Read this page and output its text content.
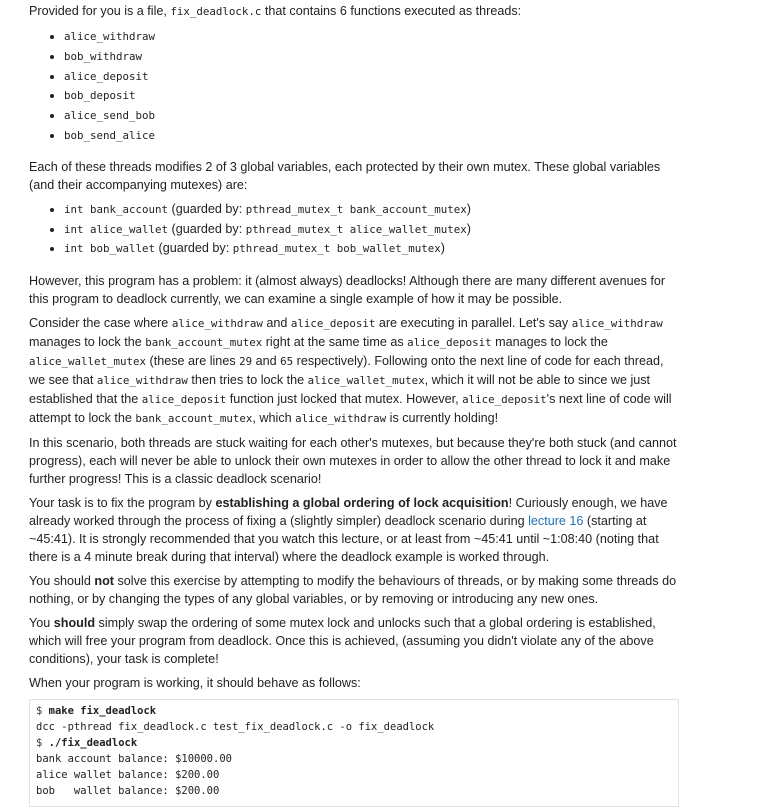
Provided for you is a file, fix_deadlock.c that contains 6 functions executed as threads:

• alice_withdraw
• bob_withdraw
• alice_deposit
• bob_deposit
• alice_send_bob
• bob_send_alice

Each of these threads modifies 2 of 3 global variables, each protected by their own mutex. These global variables (and their accompanying mutexes) are:

• int bank_account (guarded by: pthread_mutex_t bank_account_mutex)
• int alice_wallet (guarded by: pthread_mutex_t alice_wallet_mutex)
• int bob_wallet (guarded by: pthread_mutex_t bob_wallet_mutex)

However, this program has a problem: it (almost always) deadlocks! Although there are many different avenues for this program to deadlock currently, we can examine a single example of how it may be possible.

Consider the case where alice_withdraw and alice_deposit are executing in parallel. Let's say alice_withdraw manages to lock the bank_account_mutex right at the same time as alice_deposit manages to lock the alice_wallet_mutex (these are lines 29 and 65 respectively). Following onto the next line of code for each thread, we see that alice_withdraw then tries to lock the alice_wallet_mutex, which it will not be able to since we just established that the alice_deposit function just locked that mutex. However, alice_deposit's next line of code will attempt to lock the bank_account_mutex, which alice_withdraw is currently holding!

In this scenario, both threads are stuck waiting for each other's mutexes, but because they're both stuck (and cannot progress), each will never be able to unlock their own mutexes in order to allow the other thread to lock it and make further progress! This is a classic deadlock scenario!

Your task is to fix the program by establishing a global ordering of lock acquisition! Curiously enough, we have already worked through the process of fixing a (slightly simpler) deadlock scenario during lecture 16 (starting at ~45:41). It is strongly recommended that you watch this lecture, or at least from ~45:41 until ~1:08:40 (noting that there is a 4 minute break during that interval) where the deadlock example is worked through.

You should not solve this exercise by attempting to modify the behaviours of threads, or by making some threads do nothing, or by changing the types of any global variables, or by removing or introducing any new ones.

You should simply swap the ordering of some mutex lock and unlocks such that a global ordering is established, which will free your program from deadlock. Once this is achieved, (assuming you didn't violate any of the above conditions), your task is complete!

When your program is working, it should behave as follows:

$ make fix_deadlock
dcc -pthread fix_deadlock.c test_fix_deadlock.c -o fix_deadlock
$ ./fix_deadlock
bank account balance: $10000.00
alice wallet balance: $200.00
bob   wallet balance: $200.00
